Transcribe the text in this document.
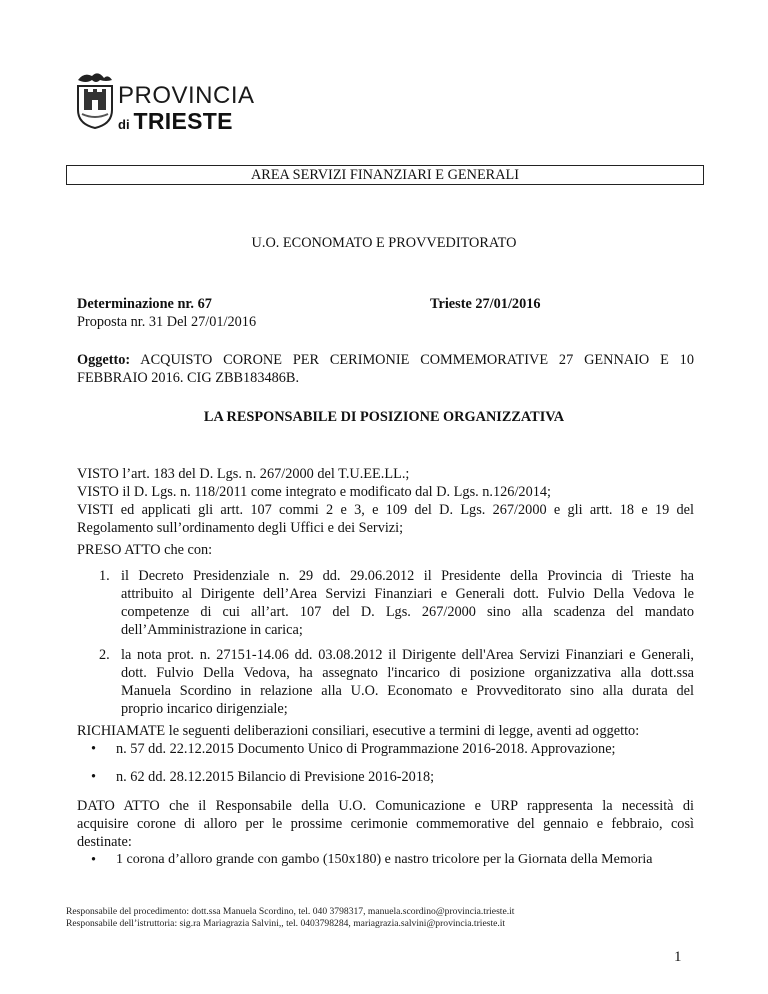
PROVINCIA
di TRIESTE
AREA SERVIZI FINANZIARI E GENERALI
U.O. ECONOMATO E PROVVEDITORATO
Determinazione nr. 67	Trieste 27/01/2016
Proposta nr. 31 Del 27/01/2016
Oggetto: ACQUISTO CORONE PER CERIMONIE COMMEMORATIVE 27 GENNAIO E 10
FEBBRAIO 2016. CIG ZBB183486B.
LA RESPONSABILE DI POSIZIONE ORGANIZZATIVA
VISTO l’art. 183 del D. Lgs. n. 267/2000 del T.U.EE.LL.;
VISTO il D. Lgs. n. 118/2011 come integrato e modificato dal D. Lgs. n.126/2014;
VISTI ed applicati gli artt. 107 commi 2 e 3, e 109 del D. Lgs. 267/2000 e gli artt. 18 e 19 del
Regolamento sull’ordinamento degli Uffici e dei Servizi;
PRESO ATTO che con:
1. il Decreto Presidenziale n. 29 dd. 29.06.2012 il Presidente della Provincia di Trieste ha
attribuito al Dirigente dell’Area Servizi Finanziari e Generali dott. Fulvio Della Vedova le
competenze di cui all’art. 107 del D. Lgs. 267/2000 sino alla scadenza del mandato
dell’Amministrazione in carica;
2. la nota prot. n. 27151-14.06 dd. 03.08.2012 il Dirigente dell'Area Servizi Finanziari e Generali,
dott. Fulvio Della Vedova, ha assegnato l'incarico di posizione organizzativa alla dott.ssa
Manuela Scordino in relazione alla U.O. Economato e Provveditorato sino alla durata del
proprio incarico dirigenziale;
RICHIAMATE le seguenti deliberazioni consiliari, esecutive a termini di legge, aventi ad oggetto:
• n. 57 dd. 22.12.2015 Documento Unico di Programmazione 2016-2018. Approvazione;
• n. 62 dd. 28.12.2015 Bilancio di Previsione 2016-2018;
DATO ATTO che il Responsabile della U.O. Comunicazione e URP rappresenta la necessità di
acquisire corone di alloro per le prossime cerimonie commemorative del gennaio e febbraio, così
destinate:
• 1 corona d’alloro grande con gambo (150x180) e nastro tricolore per la Giornata della Memoria
Responsabile del procedimento: dott.ssa Manuela Scordino, tel. 040 3798317, manuela.scordino@provincia.trieste.it
Responsabile dell’istruttoria: sig.ra Mariagrazia Salvini,, tel. 0403798284, mariagrazia.salvini@provincia.trieste.it
1
